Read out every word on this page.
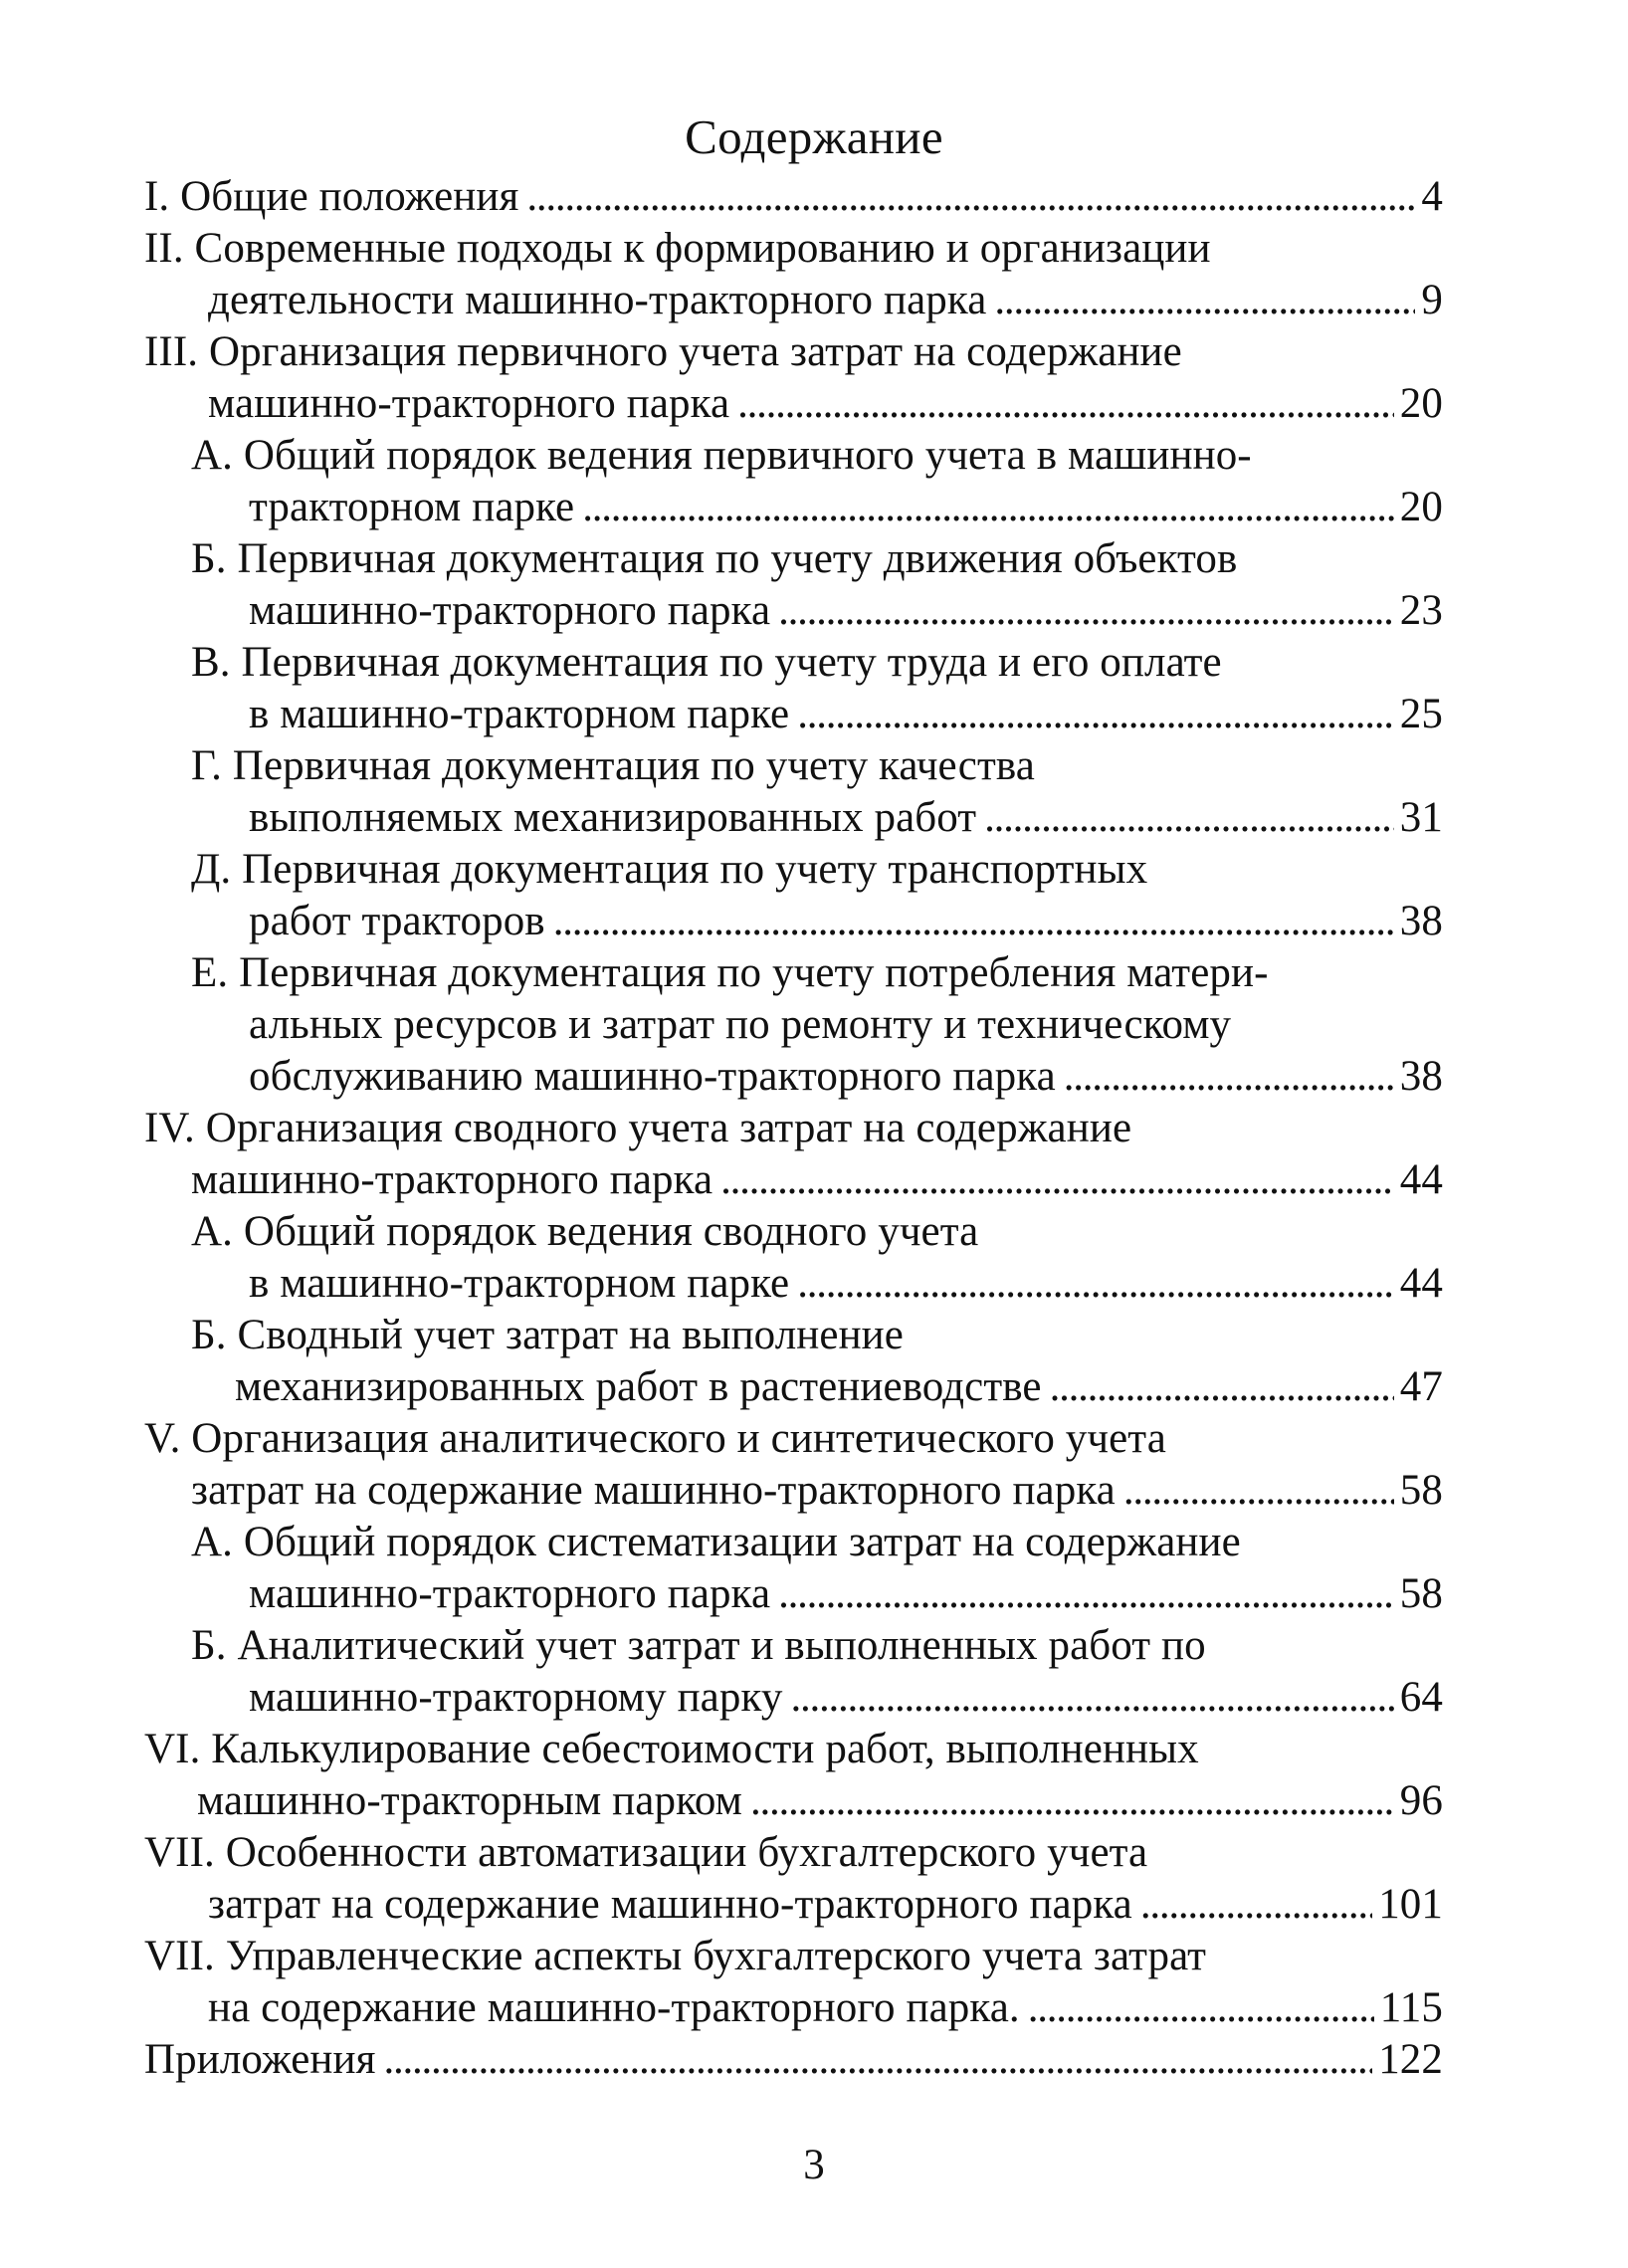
Содержание
I. Общие положения . . .	4
II. Современные подходы к формированию и организации
деятельности машинно-тракторного парка . . .	9
III. Организация первичного учета затрат на содержание
машинно-тракторного парка . . .	20
А. Общий порядок ведения первичного учета в машинно-
тракторном парке . . .	20
Б. Первичная документация по учету движения объектов
машинно-тракторного парка . . .	23
В. Первичная документация по учету труда и его оплате
в машинно-тракторном парке . . .	25
Г. Первичная документация по учету качества
выполняемых механизированных работ . . .	31
Д. Первичная документация по учету транспортных
работ тракторов . . .	38
Е. Первичная документация по учету потребления матери-
альных ресурсов и затрат по ремонту и техническому
обслуживанию машинно-тракторного парка . . .	38
IV. Организация сводного учета затрат на содержание
машинно-тракторного парка . . .	44
А. Общий порядок ведения сводного учета
в машинно-тракторном парке . . .	44
Б. Сводный учет затрат на выполнение
механизированных работ в растениеводстве . . .	47
V. Организация аналитического и синтетического учета
затрат на содержание машинно-тракторного парка . . .	58
А. Общий порядок систематизации затрат на содержание
машинно-тракторного парка . . .	58
Б. Аналитический учет затрат и выполненных работ по
машинно-тракторному парку . . .	64
VI. Калькулирование себестоимости работ, выполненных
машинно-тракторным парком . . .	96
VII. Особенности автоматизации бухгалтерского учета
затрат на содержание машинно-тракторного парка . . .	101
VII. Управленческие аспекты бухгалтерского учета затрат
на содержание машинно-тракторного парка. . . .	115
Приложения . . .	122
3
